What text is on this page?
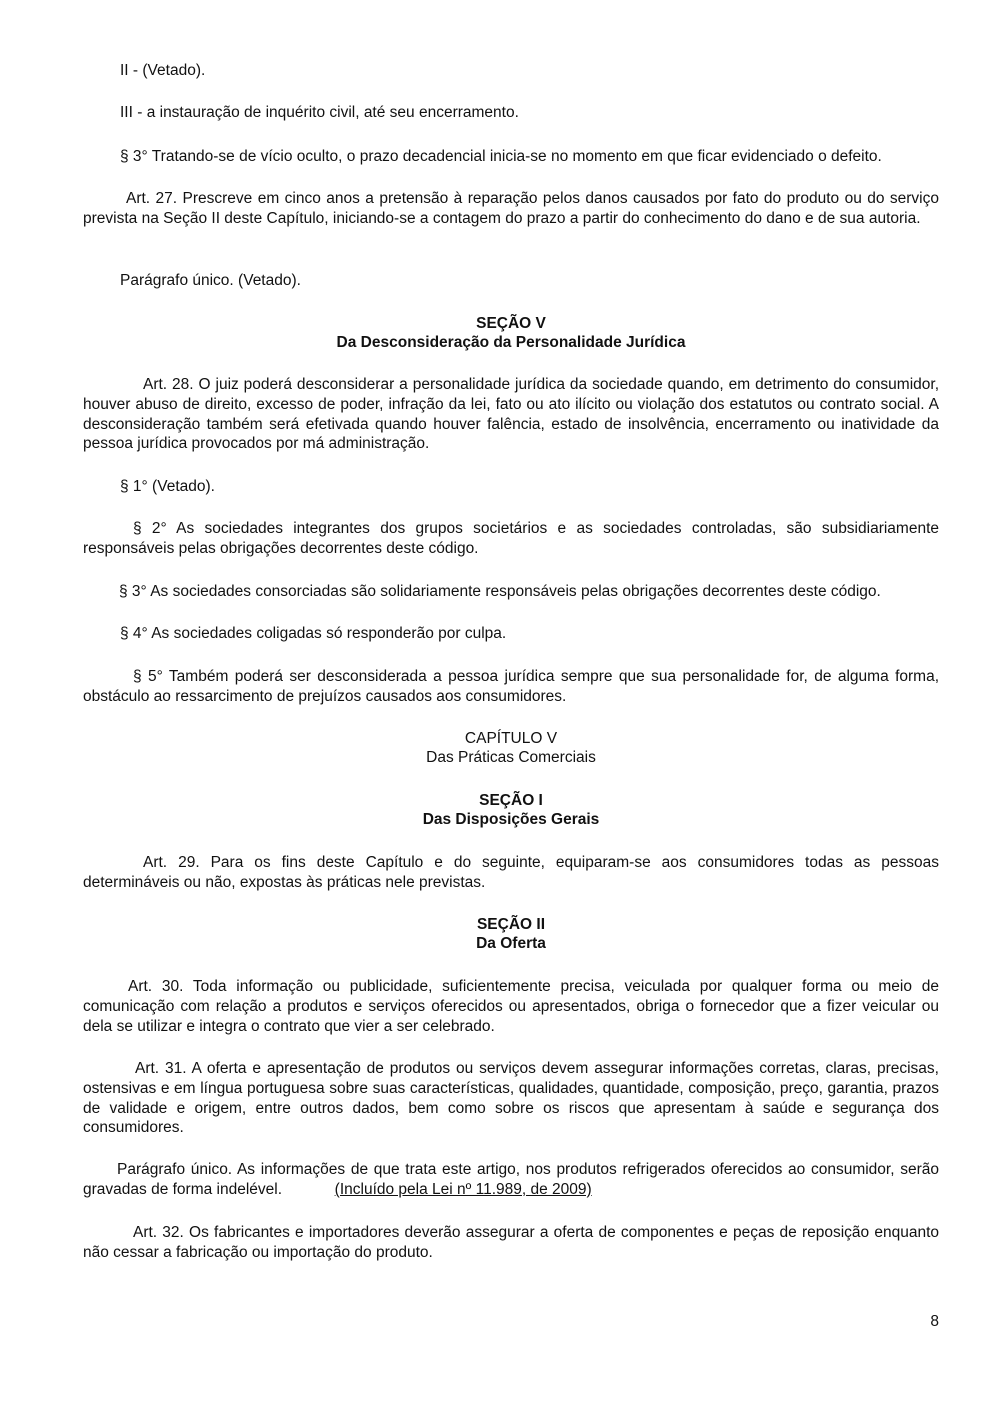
II - (Vetado).

III - a instauração de inquérito civil, até seu encerramento.

§ 3° Tratando-se de vício oculto, o prazo decadencial inicia-se no momento em que ficar evidenciado o defeito.

Art. 27. Prescreve em cinco anos a pretensão à reparação pelos danos causados por fato do produto ou do serviço prevista na Seção II deste Capítulo, iniciando-se a contagem do prazo a partir do conhecimento do dano e de sua autoria.

Parágrafo único. (Vetado).

SEÇÃO V

Da Desconsideração da Personalidade Jurídica

Art. 28. O juiz poderá desconsiderar a personalidade jurídica da sociedade quando, em detrimento do consumidor, houver abuso de direito, excesso de poder, infração da lei, fato ou ato ilícito ou violação dos estatutos ou contrato social. A desconsideração também será efetivada quando houver falência, estado de insolvência, encerramento ou inatividade da pessoa jurídica provocados por má administração.

§ 1° (Vetado).

§ 2° As sociedades integrantes dos grupos societários e as sociedades controladas, são subsidiariamente responsáveis pelas obrigações decorrentes deste código.

§ 3° As sociedades consorciadas são solidariamente responsáveis pelas obrigações decorrentes deste código.

§ 4° As sociedades coligadas só responderão por culpa.

§ 5° Também poderá ser desconsiderada a pessoa jurídica sempre que sua personalidade for, de alguma forma, obstáculo ao ressarcimento de prejuízos causados aos consumidores.

CAPÍTULO V

Das Práticas Comerciais

SEÇÃO I

Das Disposições Gerais

Art. 29. Para os fins deste Capítulo e do seguinte, equiparam-se aos consumidores todas as pessoas determináveis ou não, expostas às práticas nele previstas.

SEÇÃO II

Da Oferta

Art. 30. Toda informação ou publicidade, suficientemente precisa, veiculada por qualquer forma ou meio de comunicação com relação a produtos e serviços oferecidos ou apresentados, obriga o fornecedor que a fizer veicular ou dela se utilizar e integra o contrato que vier a ser celebrado.

Art. 31. A oferta e apresentação de produtos ou serviços devem assegurar informações corretas, claras, precisas, ostensivas e em língua portuguesa sobre suas características, qualidades, quantidade, composição, preço, garantia, prazos de validade e origem, entre outros dados, bem como sobre os riscos que apresentam à saúde e segurança dos consumidores.

Parágrafo único. As informações de que trata este artigo, nos produtos refrigerados oferecidos ao consumidor, serão gravadas de forma indelével.	(Incluído pela Lei nº 11.989, de 2009)

Art. 32. Os fabricantes e importadores deverão assegurar a oferta de componentes e peças de reposição enquanto não cessar a fabricação ou importação do produto.

8
